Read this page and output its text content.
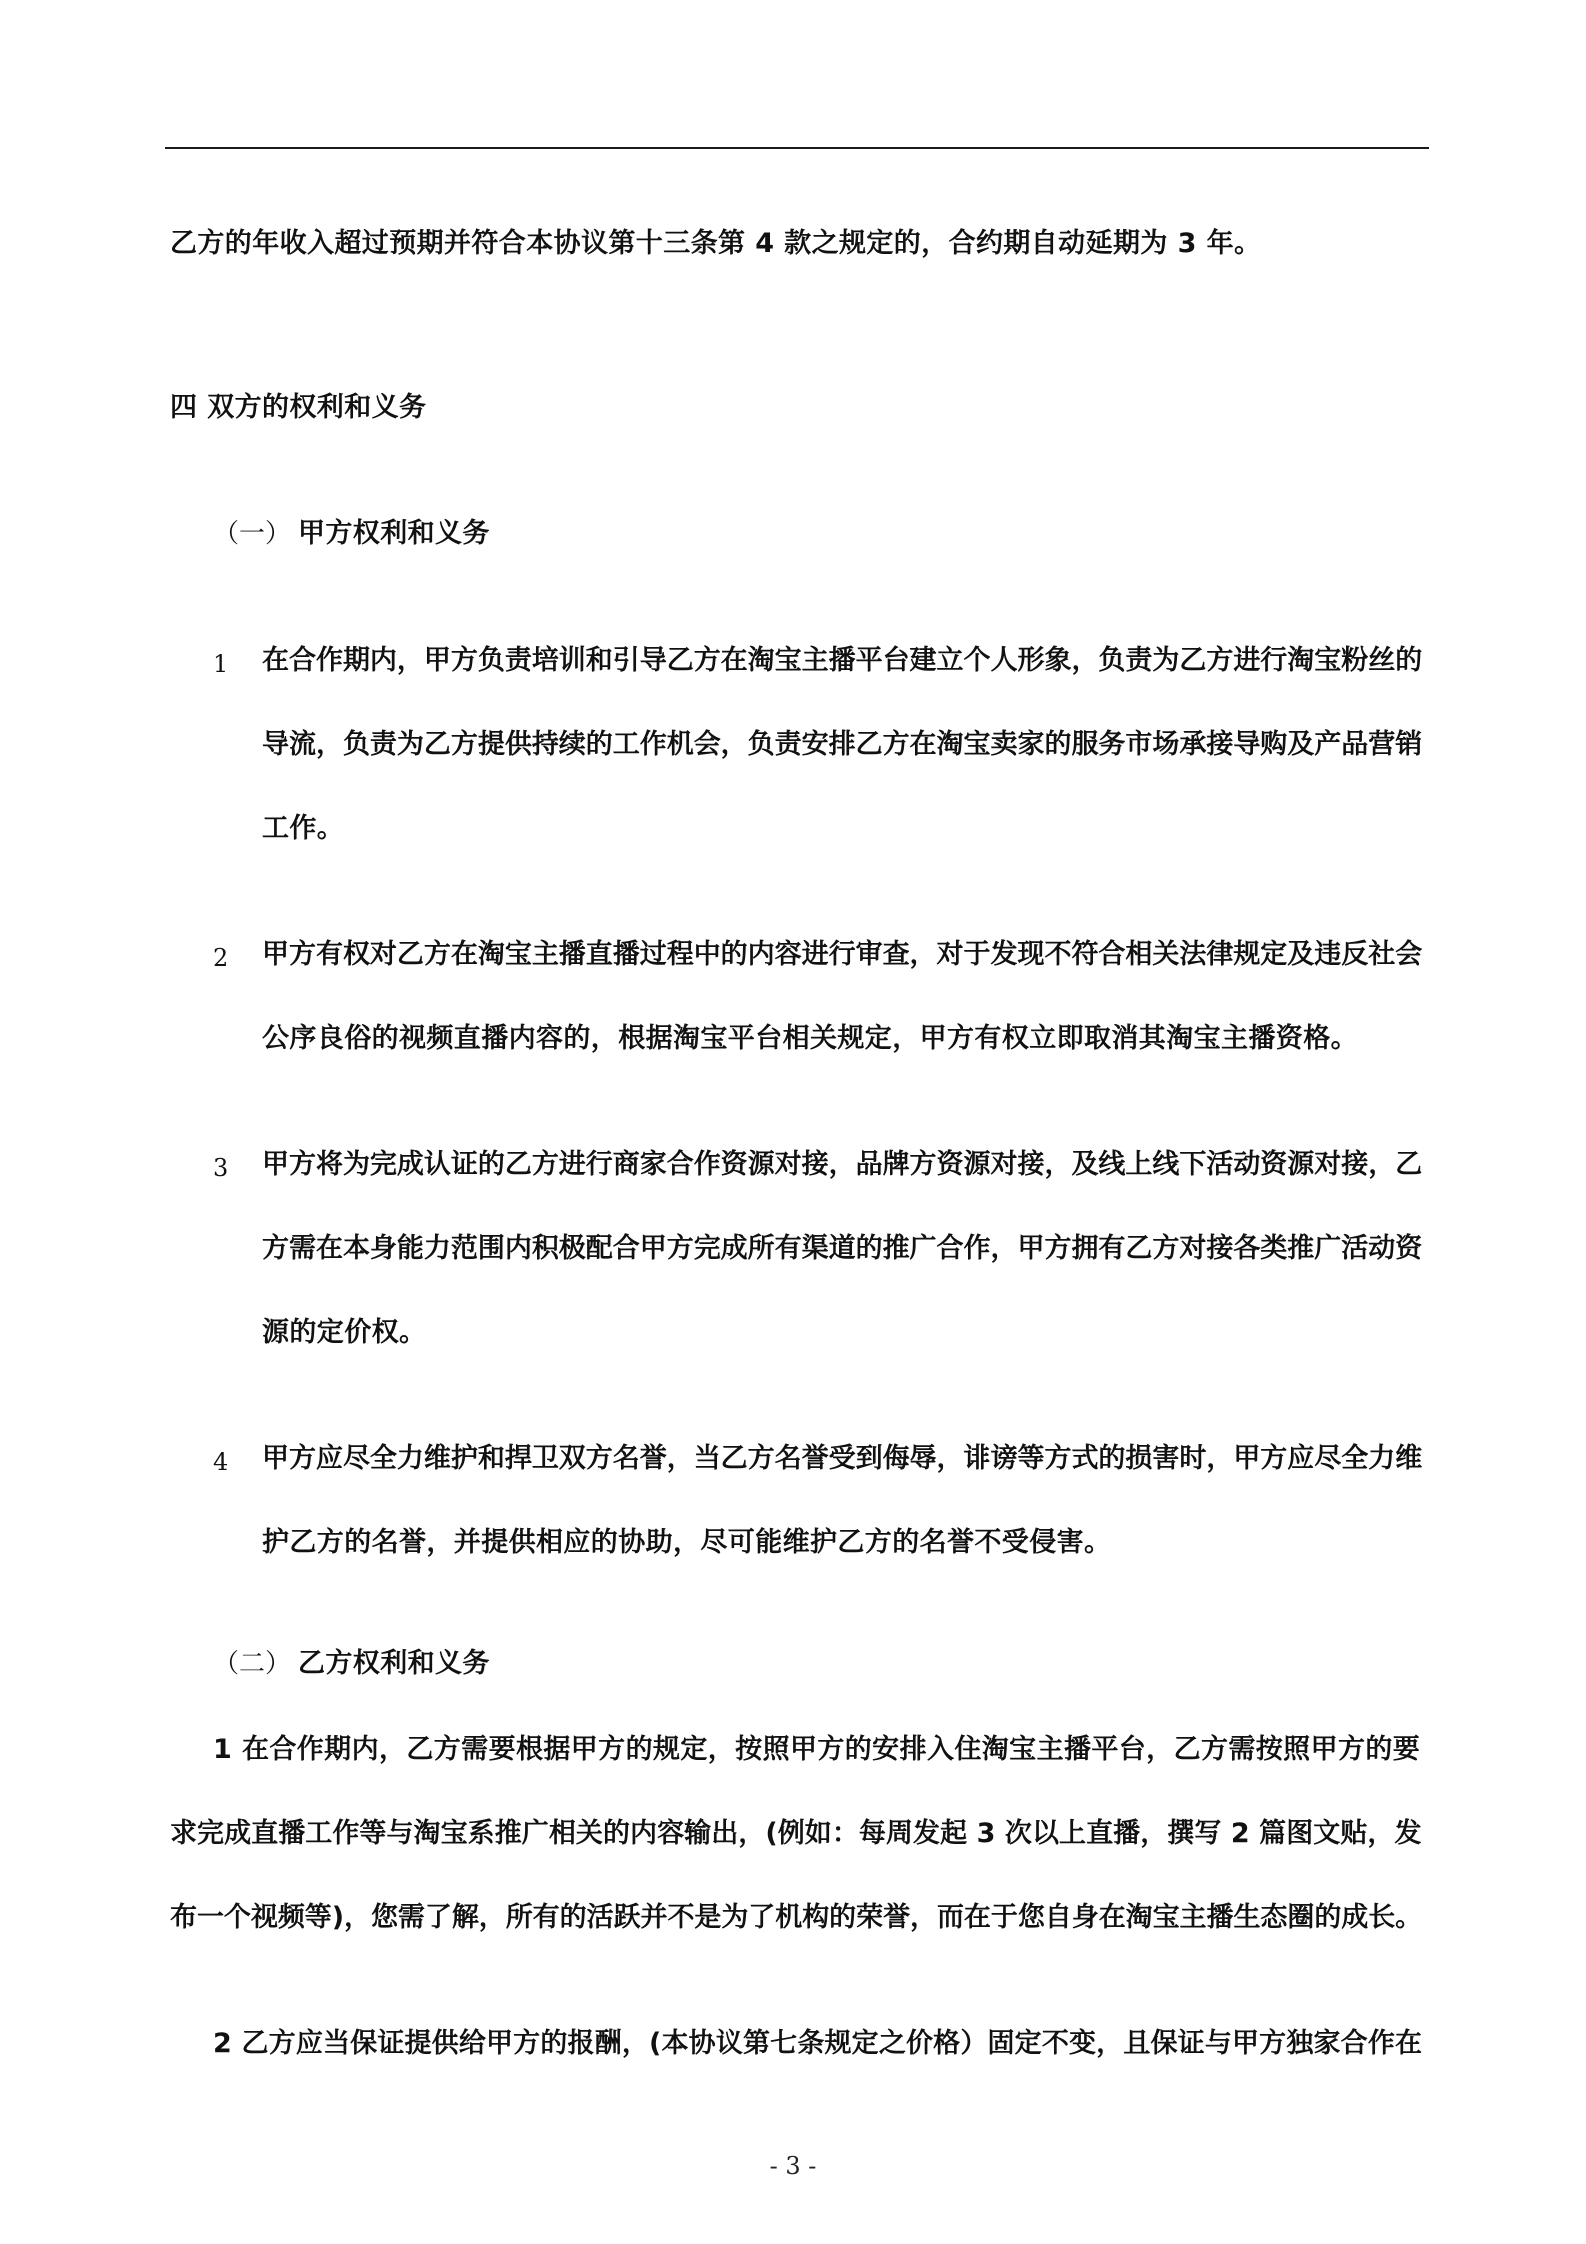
乙方的年收入超过预期并符合本协议第十三条第 4 款之规定的，合约期自动延期为 3 年。
四 双方的权利和义务
（一） 甲方权利和义务
1 在合作期内，甲方负责培训和引导乙方在淘宝主播平台建立个人形象，负责为乙方进行淘宝粉丝的
导流，负责为乙方提供持续的工作机会，负责安排乙方在淘宝卖家的服务市场承接导购及产品营销
工作。
2 甲方有权对乙方在淘宝主播直播过程中的内容进行审查，对于发现不符合相关法律规定及违反社会
公序良俗的视频直播内容的，根据淘宝平台相关规定，甲方有权立即取消其淘宝主播资格。
3 甲方将为完成认证的乙方进行商家合作资源对接，品牌方资源对接，及线上线下活动资源对接，乙
方需在本身能力范围内积极配合甲方完成所有渠道的推广合作，甲方拥有乙方对接各类推广活动资
源的定价权。
4 甲方应尽全力维护和捍卫双方名誉，当乙方名誉受到侮辱，诽谤等方式的损害时，甲方应尽全力维
护乙方的名誉，并提供相应的协助，尽可能维护乙方的名誉不受侵害。
（二） 乙方权利和义务
1 在合作期内，乙方需要根据甲方的规定，按照甲方的安排入住淘宝主播平台，乙方需按照甲方的要
求完成直播工作等与淘宝系推广相关的内容输出，(例如：每周发起 3 次以上直播，撰写 2 篇图文贴，发
布一个视频等)，您需了解，所有的活跃并不是为了机构的荣誉，而在于您自身在淘宝主播生态圈的成长。
2 乙方应当保证提供给甲方的报酬，(本协议第七条规定之价格）固定不变，且保证与甲方独家合作在
- 3 -
